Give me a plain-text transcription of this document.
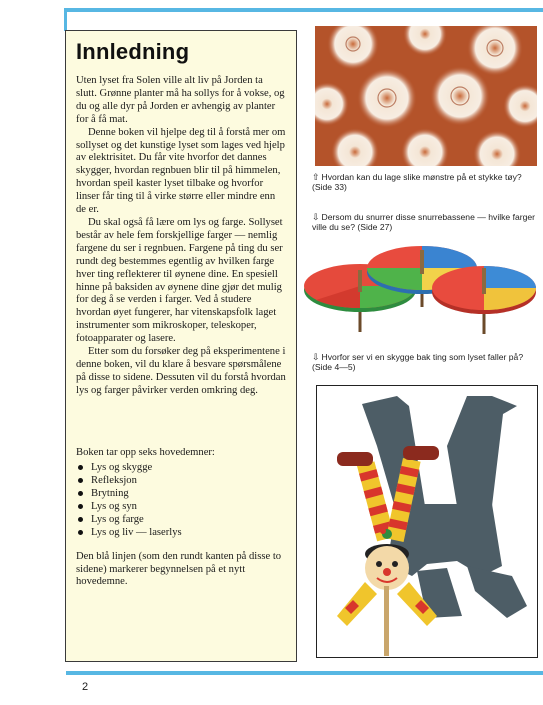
Innledning

Uten lyset fra Solen ville alt liv på Jorden ta slutt. Grønne planter må ha sollys for å vokse, og du og alle dyr på Jorden er avhengig av planter for å få mat.

Denne boken vil hjelpe deg til å forstå mer om sollyset og det kunstige lyset som lages ved hjelp av elektrisitet. Du får vite hvorfor det dannes skygger, hvordan regnbuen blir til på himmelen, hvordan speil kaster lyset tilbake og hvorfor linser får ting til å virke større eller mindre enn de er.

Du skal også få lære om lys og farge. Sollyset består av hele fem forskjellige farger — nemlig fargene du ser i regnbuen. Fargene på ting du ser rundt deg bestemmes egentlig av hvilken farge hver ting reflekterer til øynene dine. En spesiell hinne på baksiden av øynene dine gjør det mulig for deg å se verden i farger. Ved å studere hvordan øyet fungerer, har vitenskapsfolk laget instrumenter som mikroskoper, teleskoper, fotoapparater og lasere.

Etter som du forsøker deg på eksperimentene i denne boken, vil du klare å besvare spørsmålene på disse to sidene. Dessuten vil du forstå hvordan lys og farger påvirker verden omkring deg.

Boken tar opp seks hovedemner:

Lys og skygge
Refleksjon
Brytning
Lys og syn
Lys og farge
Lys og liv — laserlys

Den blå linjen (som den rundt kanten på disse to sidene) markerer begynnelsen på et nytt hovedemne.

2
⇧ Hvordan kan du lage slike mønstre på et stykke tøy? (Side 33)
⇩ Dersom du snurrer disse snurrebassene — hvilke farger ville du se? (Side 27)
⇩ Hvorfor ser vi en skygge bak ting som lyset faller på? (Side 4—5)
